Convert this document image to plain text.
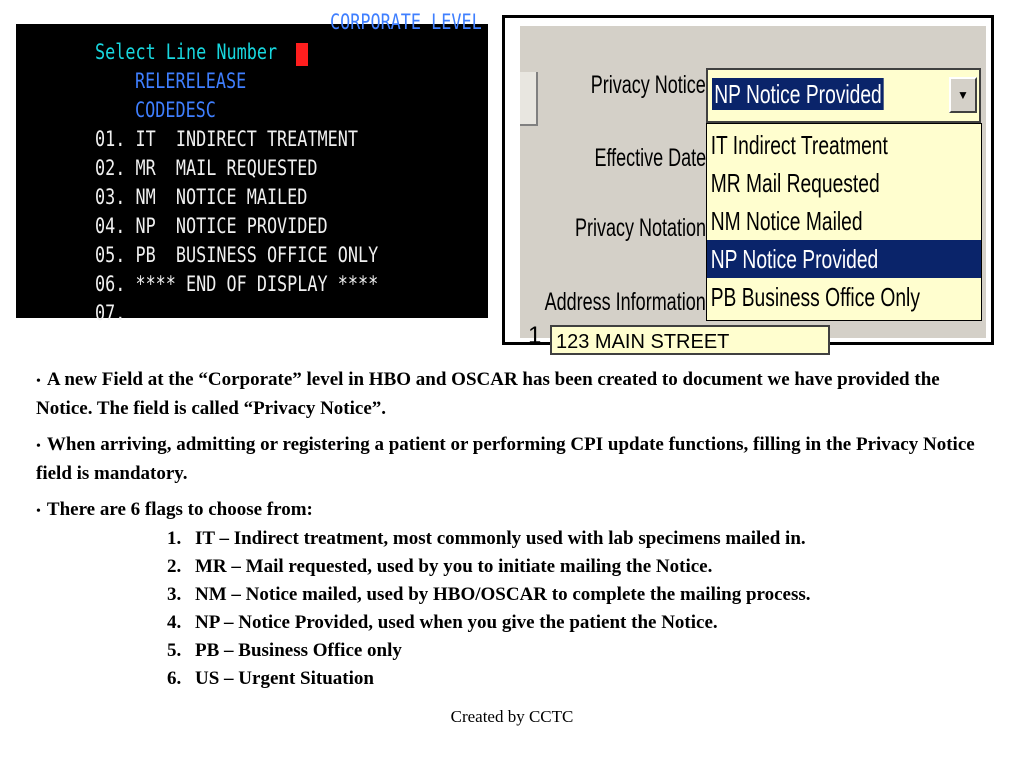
CORPORATE LEVEL
Select Line Number
RELERELEASE
CODEDESC
01. IT  INDIRECT TREATMENT
02. MR  MAIL REQUESTED
03. NM  NOTICE MAILED
04. NP  NOTICE PROVIDED
05. PB  BUSINESS OFFICE ONLY
06. **** END OF DISPLAY ****
07.
Privacy Notice
Effective Date
Privacy Notation
Address Information
NP Notice Provided	▼
IT Indirect Treatment
MR Mail Requested
NM Notice Mailed
NP Notice Provided
PB Business Office Only
1 123 MAIN STREET

• A new Field at the “Corporate” level in HBO and OSCAR has been created to document we have provided the Notice. The field is called “Privacy Notice”.

• When arriving, admitting or registering a patient or performing CPI update functions, filling in the Privacy Notice field is mandatory.

• There are 6 flags to choose from:

1. IT – Indirect treatment, most commonly used with lab specimens mailed in.
2. MR – Mail requested, used by you to initiate mailing the Notice.
3. NM – Notice mailed, used by HBO/OSCAR to complete the mailing process.
4. NP – Notice Provided, used when you give the patient the Notice.
5. PB – Business Office only
6. US – Urgent Situation
Created by CCTC
